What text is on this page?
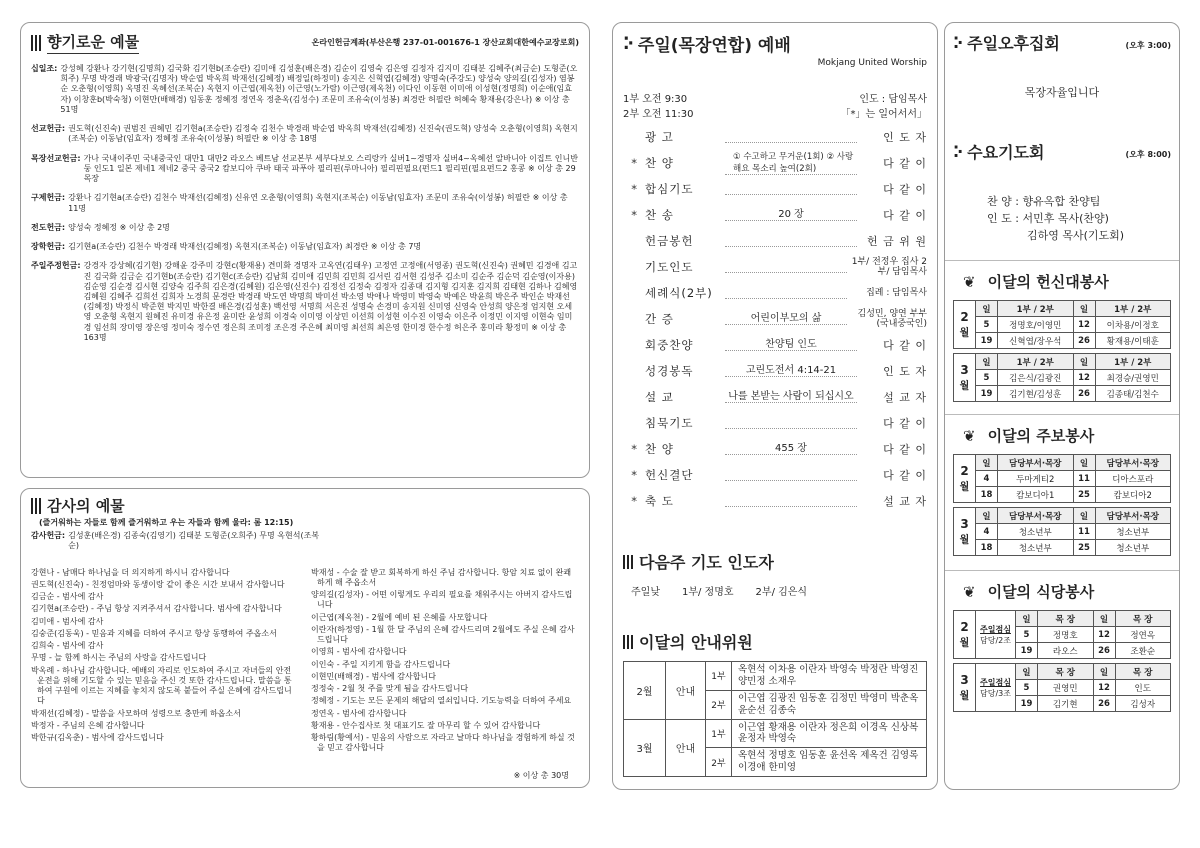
향기로운 예물	온라인헌금계좌(부산은행 237-01-001676-1 장산교회대한예수교장로회)
십일조: 강성혜 강환나 강기현(김명희) 김국화 김기현b(조승란) 김미애 김성훈(배은경) 김순이 김영숙 김은영 김정자 김지미 김태분 김혜주(최금순) 도형준(오희주) 무명 박경래 박광국(김명자) 박순엽 박옥희 박재선(김혜정) 배정일(하정미) 송지은 신혁엽(김혜경) 양명숙(주강도) 양성숙 양의길(김성자) 염봉순 오춘형(이영희) 옥명진 옥혜선(조복순) 옥현지 이근엽(제옥천) 이근영(노가람) 이근영(제옥천) 이다인 이동현 이미애 이성현(정명희) 이순애(임효자) 이창훈b(박숙청) 이현만(배해경) 임동훈 정혜정 정연옥 정춘옥(김성수) 조문미 조유숙(이성봉) 최경란 허필란 허혜숙 황재용(강은나) ※ 이상 총 51명
선교헌금: 권도혁(신진숙) 권범진 권혜민 김기현a(조승란) 김정숙 김천수 박경래 박순엽 박옥희 박재선(김혜정) 신진숙(권도혁) 양성숙 오춘형(이영희) 옥현지(조복순) 이동남(임효자) 정혜정 조유숙(이성봉) 허필란 ※ 이상 총 18명
목장선교헌금: 가나 국내이주민 국내중국인 대만1 대만2 라오스 베트남 선교본부 세부다보오 스리랑카 실버1~경명자 실버4~옥혜선 알바니아 이집트 인니반둥 인도1 일본 제네1 제네2 중국 중국2 캄보디아 쿠바 태국 파푸아 필리핀(루마니아) 필리핀필요(펀드1 필리핀(필요펀드2 홍콩 ※ 이상 총 29목장
구제헌금: 강환나 김기현a(조승란) 김천수 박재선(김혜정) 신유연 오춘형(이영희) 옥현지(조복순) 이동남(임효자) 조문미 조유숙(이성봉) 허필란 ※ 이상 총 11명
전도헌금: 양성숙 정혜정 ※ 이상 총 2명
장학헌금: 김기현a(조승란) 김천수 박경래 박재선(김혜정) 옥현지(조복순) 이동남(임효자) 최경란 ※ 이상 총 7명
주일주정헌금: 강경자 강상혜(김기현) 강해윤 강주미 강현c(황재용) 견미화 경명자 고옥연(김태우) 고정연 고정애(서영종) 권도혁(신진숙) 권혜민 김경애 김고진 김국화 김금순 김기현b(조승란) 김기현c(조승란) 김남희 김미애 김민희 김민희 김서린 김서현 김성주 김소미 김순주 김순덕 김순영(이자용) 김순영 김순경 김시현 김양숙 김주희 김은경(김혜원) 김은영(신진수) 김정선 김정숙 김정자 김종대 김지형 김지훈 김지희 김태현 김하나 김혜영 김혜원 김혜주 김희선 김희자 노경희 문경란 박경래 박도연 박명희 박미선 박소영 박애나 박영미 박영숙 박예은 박윤희 박은주 박인순 박재선(김혜정) 박정식 박준현 박지민 박한결 배은경(김성훈) 백선영 서명희 서은진 성명숙 손경미 송지원 신미영 신영숙 안성희 양은정 엄지현 오세영 오춘형 옥현지 원혜진 유미경 유은정 윤미란 윤성희 이경숙 이미영 이상민 이선희 이성현 이수진 이영숙 이은주 이정민 이지영 이현숙 임미경 임선희 장미영 장은영 정미숙 정수연 정은희 조미정 조은경 주은혜 최미영 최선희 최은영 한미경 한수정 허은주 홍미라 황정미 ※ 이상 총 163명
감사의 예물
(즐거워하는 자들로 함께 즐거워하고 우는 자들과 함께 울라: 롬 12:15)
감사헌금: 김성훈(배은경) 김종숙(김영기) 김태분 도형준(오희주) 무명 옥현석(조복순)
강현나 - 남매다 하나님을 더 의지하게 하시니 감사합니다
권도혁(신진숙) - 친정엄마와 동생이랑 같이 좋은 시간 보내서 감사합니다
김금순 - 범사에 감사
김기현a(조승란) - 주님 항상 지켜주셔서 감사합니다. 범사에 감사합니다
김미애 - 범사에 감사
김숭준(김동욱) - 믿음과 지혜를 더하여 주시고 항상 동행하여 주옵소서
김희숙 - 범사에 감사
무명 - 늘 함께 하시는 주님의 사랑을 감사드립니다
박옥례 - 하나님 감사합니다. 예배의 자리로 인도하여 주시고 자녀들의 안전운전을 위해 기도할 수 있는 믿음을 주신 것 또한 감사드립니다. 말씀을 통하여 구원에 이르는 지혜를 놓치지 않도록 붙들어 주실 은혜에 감사드립니다
박재선(김혜정) - 말씀을 사모하며 성령으로 충만케 하옵소서
박정자 - 주님의 은혜 감사합니다
박한규(김옥춘) - 범사에 감사드립니다
박재성 - 수술 잘 받고 회복하게 하신 주님 감사합니다. 항암 치료 없이 완쾌하게 해 주옵소서
양의길(김성자) - 어떤 이렇게도 우리의 필요를 채워주시는 아버지 감사드립니다
이근엽(제옥천) - 2월에 예비 된 은혜를 사모합니다
이란자(하정영) - 1월 한 달 주님의 은혜 감사드리며 2월에도 주실 은혜 감사드립니다
이영희 - 범사에 감사합니다
이인숙 - 주일 지키게 함을 감사드립니다
이현민(배해경) - 범사에 감사합니다
정정숙 - 2월 첫 주를 맞게 됨을 감사드립니다
정혜정 - 기도는 모든 문제의 해답의 열쇠입니다. 기도능력을 더하여 주세요
정연옥 - 범사에 감사합니다
황재용 - 안수집사로 첫 대표기도 잘 마무리 할 수 있어 감사합니다
황하림(황예서) - 믿음의 사람으로 자라고 날마다 하나님을 경험하게 하실 것을 믿고 감사합니다
※ 이상 총 30명
⁚· 주일(목장연합) 예배
Mokjang United Worship
1부 오전 9:30	인도 : 담임목사
2부 오전 11:30	「*」는 일어서서」
광 고	인 도 자
* 찬 양	① 수고하고 무거운(1회) ② 사랑해요 목소리 높여(2회)	다 같 이
* 합심기도	다 같 이
* 찬 송	20 장	다 같 이
헌금봉헌	헌 금 위 원
기도인도	1부/ 전정우 집사 2부/ 담임목사
세례식(2부)	집례 : 담임목사
간 증	어린이부모의 삶	김성민, 양연 부부 (국내중국인)
회중찬양	찬양팀 인도	다 같 이
성경봉독	고린도전서 4:14-21	인 도 자
설 교	나를 본받는 사람이 되십시오	설 교 자
침묵기도	다 같 이
* 찬 양	455 장	다 같 이
* 헌신결단	다 같 이
* 축 도	설 교 자
다음주 기도 인도자
주일낮 1부/ 정명호 2부/ 김은식
이달의 안내위원
2월	안내	1부	옥현석 이차용 이란자 박영숙 박정란 박영진 양민정 소재우
		2부	이근엽 김광진 임동훈 김정민 박영미 박춘옥 윤순선 김종숙
3월	안내	1부	이근엽 황재용 이란자 정은희 이경옥 신상복 윤정자 박영숙
		2부	옥현석 정명호 임동훈 윤선옥 제옥건 김영록 이경애 한미영
⁚· 주일오후집회	(오후 3:00)
목장자율입니다
⁚· 수요기도회	(오후 8:00)
찬 양 : 향유옥합 찬양팀
인 도 : 서민후 목사(찬양)
김하영 목사(기도회)
❦ 이달의 헌신대봉사
2
월
일	1부 / 2부	일	1부 / 2부
5	정명호/이영민	12	이차용/이정호
19	신혁엽/장우석	26	황재용/이태훈
3
월
일	1부 / 2부	일	1부 / 2부
5	김은식/김광진	12	최경승/권영민
19	김기현/김성훈	26	김종태/김천수
❦ 이달의 주보봉사
2
월
일	담당부서·목장	일	담당부서·목장
4	두마게티2	11	디아스포라
18	캄보디아1	25	캄보디아2
3
월
일	담당부서·목장	일	담당부서·목장
4	청소년부	11	청소년부
18	청소년부	25	청소년부
❦ 이달의 식당봉사
2
월
주일점심
담당/2조
일	목 장	일	목 장
5	정명호	12	정연옥
19	라오스	26	조환순
3
월
주일점심
담당/3조
일	목 장	일	목 장
5	권영민	12	인도
19	김기현	26	김성자
